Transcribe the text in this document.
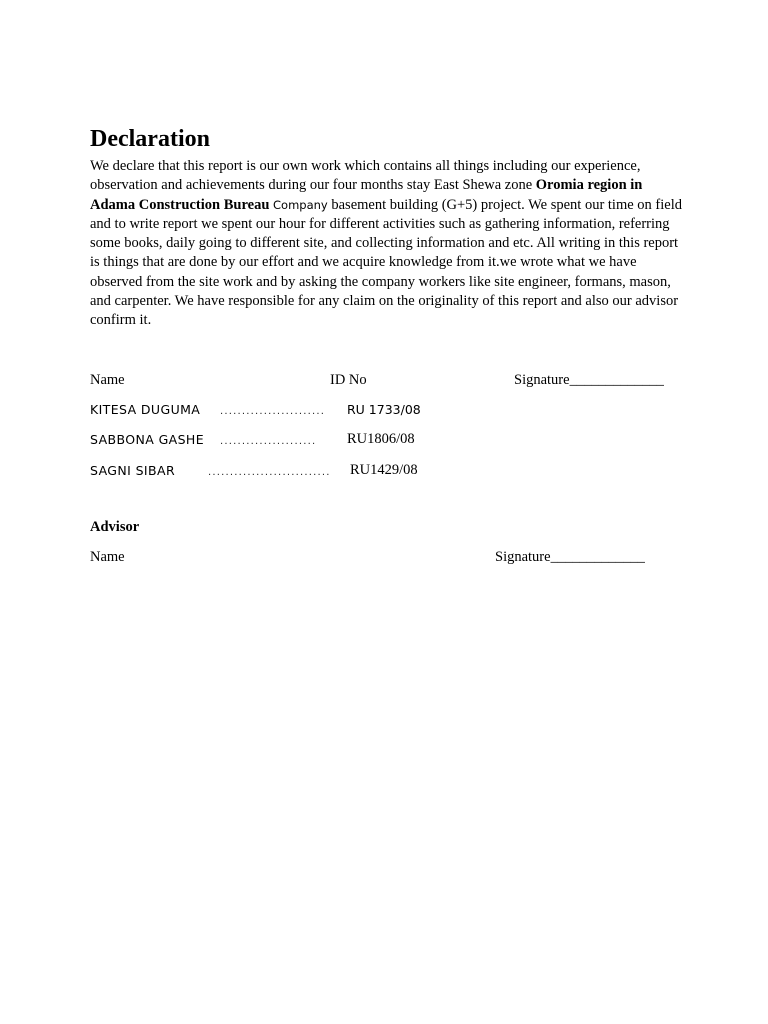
Declaration

We declare that this report is our own work which contains all things including our experience, observation and achievements during our four months stay East Shewa zone Oromia region in Adama Construction Bureau Company basement building (G+5) project. We spent our time on field and to write report we spent our hour for different activities such as gathering information, referring some books, daily going to different site, and collecting information and etc. All writing in this report is things that are done by our effort and we acquire knowledge from it.we wrote what we have observed from the site work and by asking the company workers like site engineer, formans, mason, and carpenter. We have responsible for any claim on the originality of this report and also our advisor confirm it.

Name	ID No	Signature_____________
KITESA DUGUMA ........................ RU 1733/08
SABBONA GASHE ...................... RU1806/08
SAGNI SIBAR	............................ RU1429/08
Advisor
Name	Signature_____________
